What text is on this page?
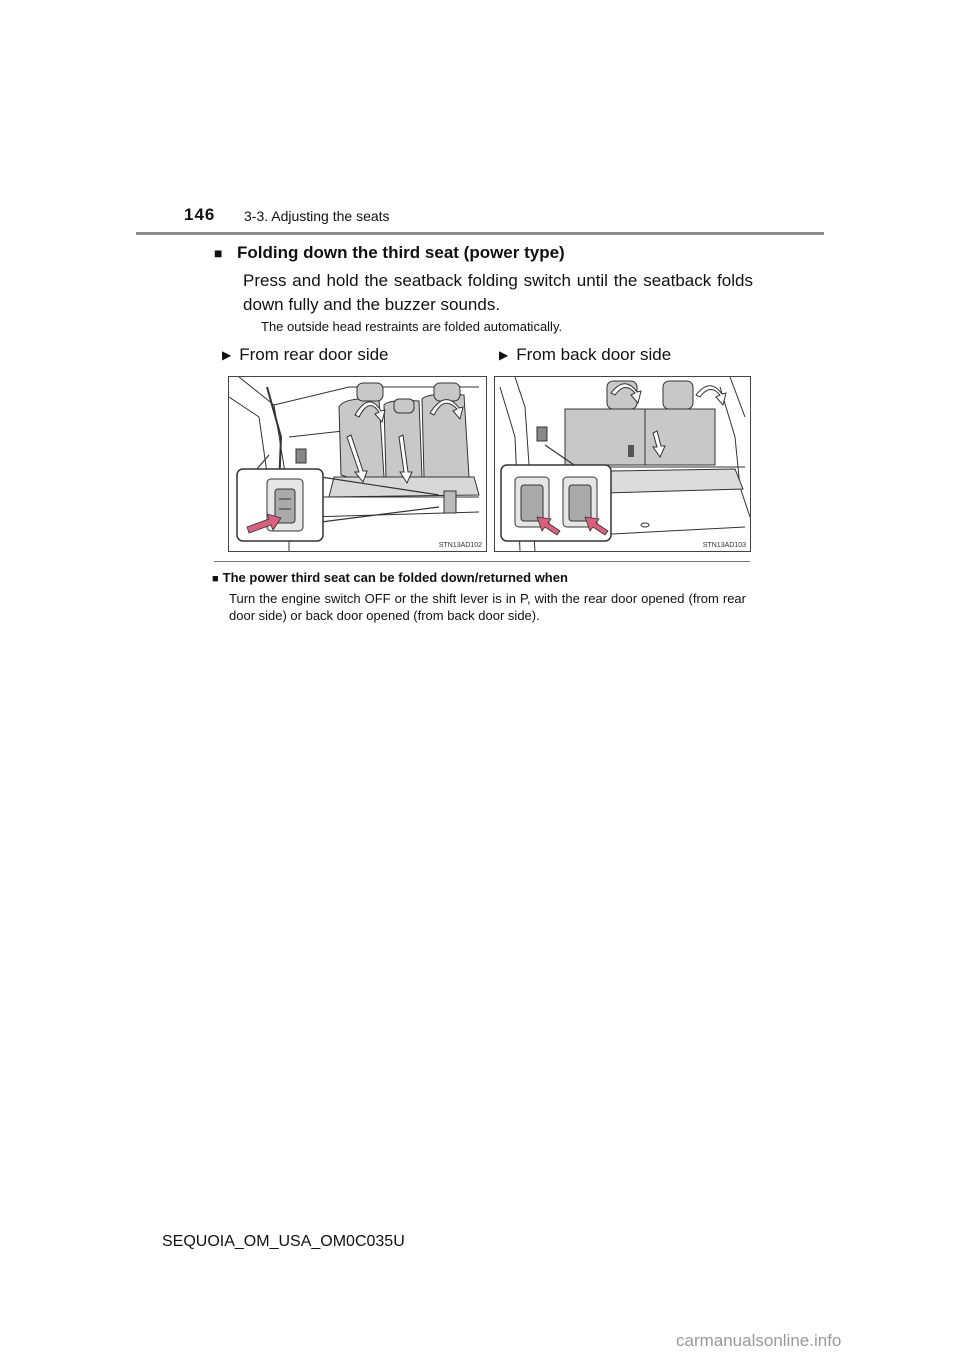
146 3-3. Adjusting the seats
■ Folding down the third seat (power type)
Press and hold the seatback folding switch until the seatback folds down fully and the buzzer sounds.
The outside head restraints are folded automatically.
▶ From rear door side	▶ From back door side
STN13AD102	STN13AD103
■ The power third seat can be folded down/returned when
Turn the engine switch OFF or the shift lever is in P, with the rear door opened (from rear door side) or back door opened (from back door side).
SEQUOIA_OM_USA_OM0C035U
carmanualsonline.info
